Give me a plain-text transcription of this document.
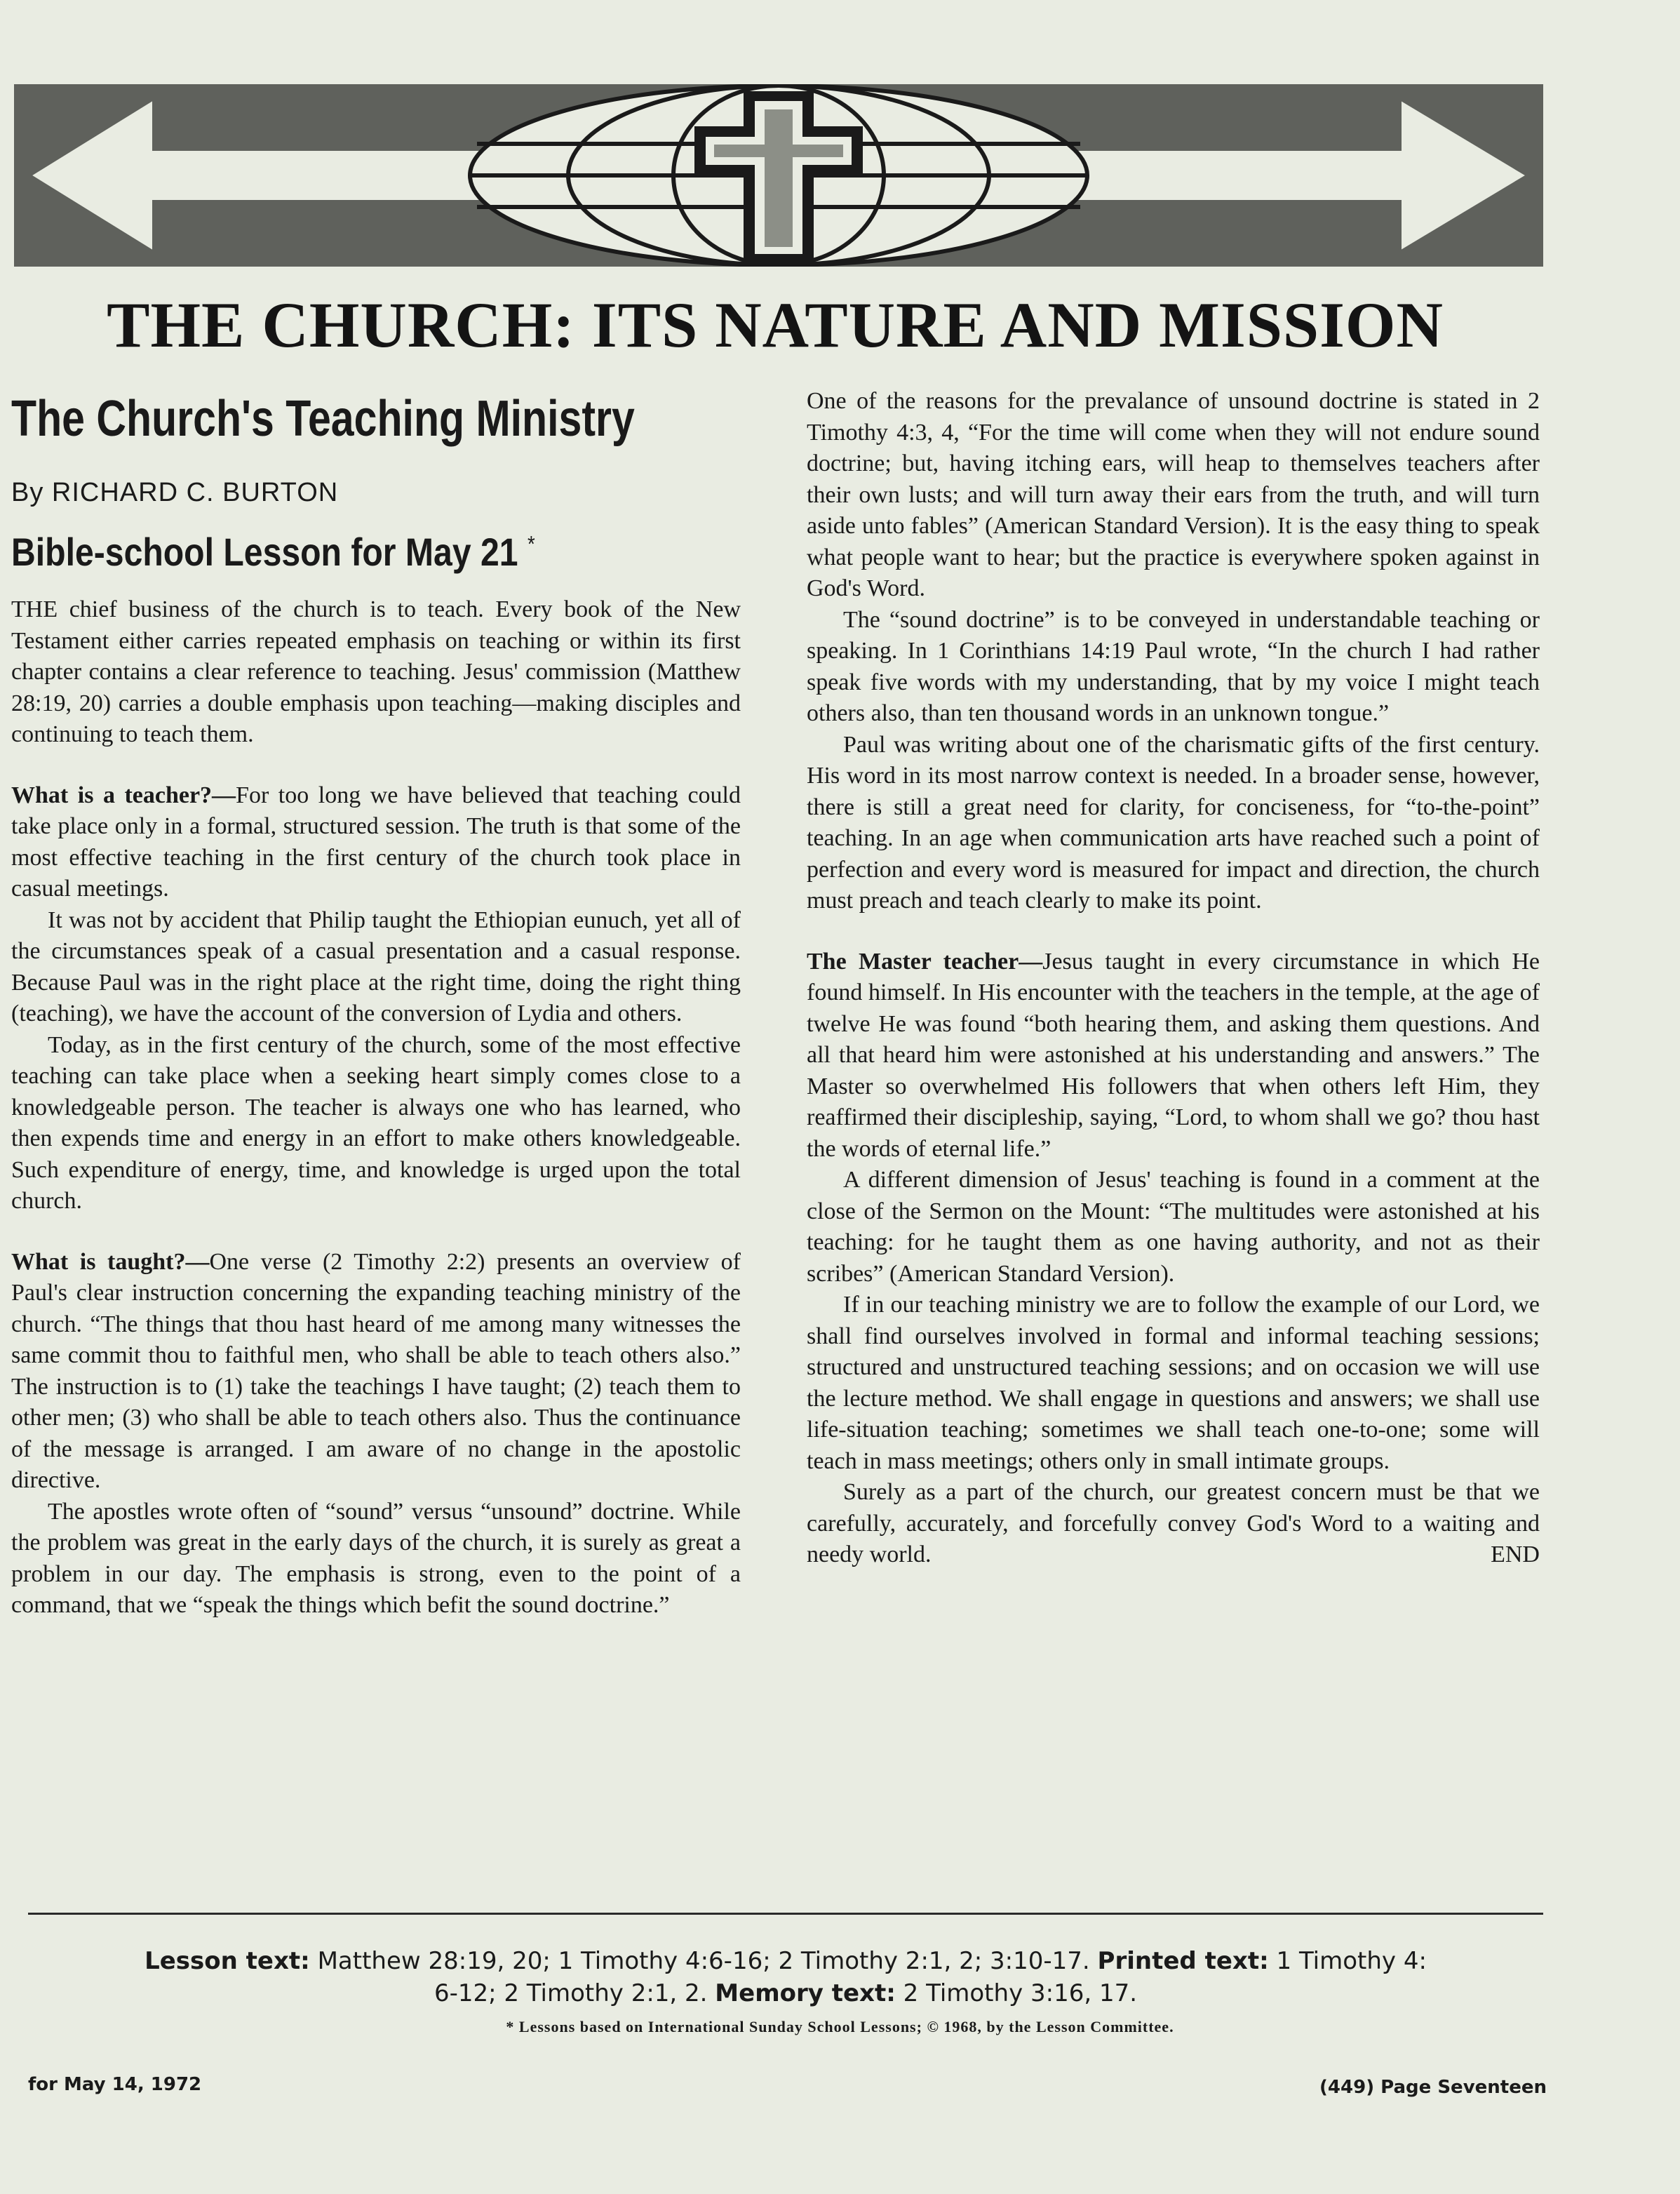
THE CHURCH: ITS NATURE AND MISSION
The Church's Teaching Ministry
By RICHARD C. BURTON
Bible-school Lesson for May 21 *

THE chief business of the church is to teach. Every book of the New Testament either carries repeated emphasis on teaching or within its first chapter contains a clear reference to teaching. Jesus' commission (Matthew 28:19, 20) carries a double emphasis upon teaching—making disciples and continuing to teach them.

What is a teacher?—For too long we have believed that teaching could take place only in a formal, structured session. The truth is that some of the most effective teaching in the first century of the church took place in casual meetings.

It was not by accident that Philip taught the Ethiopian eunuch, yet all of the circumstances speak of a casual presentation and a casual response. Because Paul was in the right place at the right time, doing the right thing (teaching), we have the account of the conversion of Lydia and others.

Today, as in the first century of the church, some of the most effective teaching can take place when a seeking heart simply comes close to a knowledgeable person. The teacher is always one who has learned, who then expends time and energy in an effort to make others knowledgeable. Such expenditure of energy, time, and knowledge is urged upon the total church.

What is taught?—One verse (2 Timothy 2:2) presents an overview of Paul's clear instruction concerning the expanding teaching ministry of the church. “The things that thou hast heard of me among many witnesses the same commit thou to faithful men, who shall be able to teach others also.” The instruction is to (1) take the teachings I have taught; (2) teach them to other men; (3) who shall be able to teach others also. Thus the continuance of the message is arranged. I am aware of no change in the apostolic directive.

The apostles wrote often of “sound” versus “unsound” doctrine. While the problem was great in the early days of the church, it is surely as great a problem in our day. The emphasis is strong, even to the point of a command, that we “speak the things which befit the sound doctrine.”

One of the reasons for the prevalance of unsound doctrine is stated in 2 Timothy 4:3, 4, “For the time will come when they will not endure sound doctrine; but, having itching ears, will heap to themselves teachers after their own lusts; and will turn away their ears from the truth, and will turn aside unto fables” (American Standard Version). It is the easy thing to speak what people want to hear; but the practice is everywhere spoken against in God's Word.

The “sound doctrine” is to be conveyed in understandable teaching or speaking. In 1 Corinthians 14:19 Paul wrote, “In the church I had rather speak five words with my understanding, that by my voice I might teach others also, than ten thousand words in an unknown tongue.”

Paul was writing about one of the charismatic gifts of the first century. His word in its most narrow context is needed. In a broader sense, however, there is still a great need for clarity, for conciseness, for “to-the-point” teaching. In an age when communication arts have reached such a point of perfection and every word is measured for impact and direction, the church must preach and teach clearly to make its point.

The Master teacher—Jesus taught in every circumstance in which He found himself. In His encounter with the teachers in the temple, at the age of twelve He was found “both hearing them, and asking them questions. And all that heard him were astonished at his understanding and answers.” The Master so overwhelmed His followers that when others left Him, they reaffirmed their discipleship, saying, “Lord, to whom shall we go? thou hast the words of eternal life.”

A different dimension of Jesus' teaching is found in a comment at the close of the Sermon on the Mount: “The multitudes were astonished at his teaching: for he taught them as one having authority, and not as their scribes” (American Standard Version).

If in our teaching ministry we are to follow the example of our Lord, we shall find ourselves involved in formal and informal teaching sessions; structured and unstructured teaching sessions; and on occasion we will use the lecture method. We shall engage in questions and answers; we shall use life-situation teaching; sometimes we shall teach one-to-one; some will teach in mass meetings; others only in small intimate groups.

Surely as a part of the church, our greatest concern must be that we carefully, accurately, and forcefully convey God's Word to a waiting and needy world.	END

Lesson text: Matthew 28:19, 20; 1 Timothy 4:6-16; 2 Timothy 2:1, 2; 3:10-17. Printed text: 1 Timothy 4:
6-12; 2 Timothy 2:1, 2. Memory text: 2 Timothy 3:16, 17.
* Lessons based on International Sunday School Lessons; © 1968, by the Lesson Committee.
for May 14, 1972	(449) Page Seventeen
